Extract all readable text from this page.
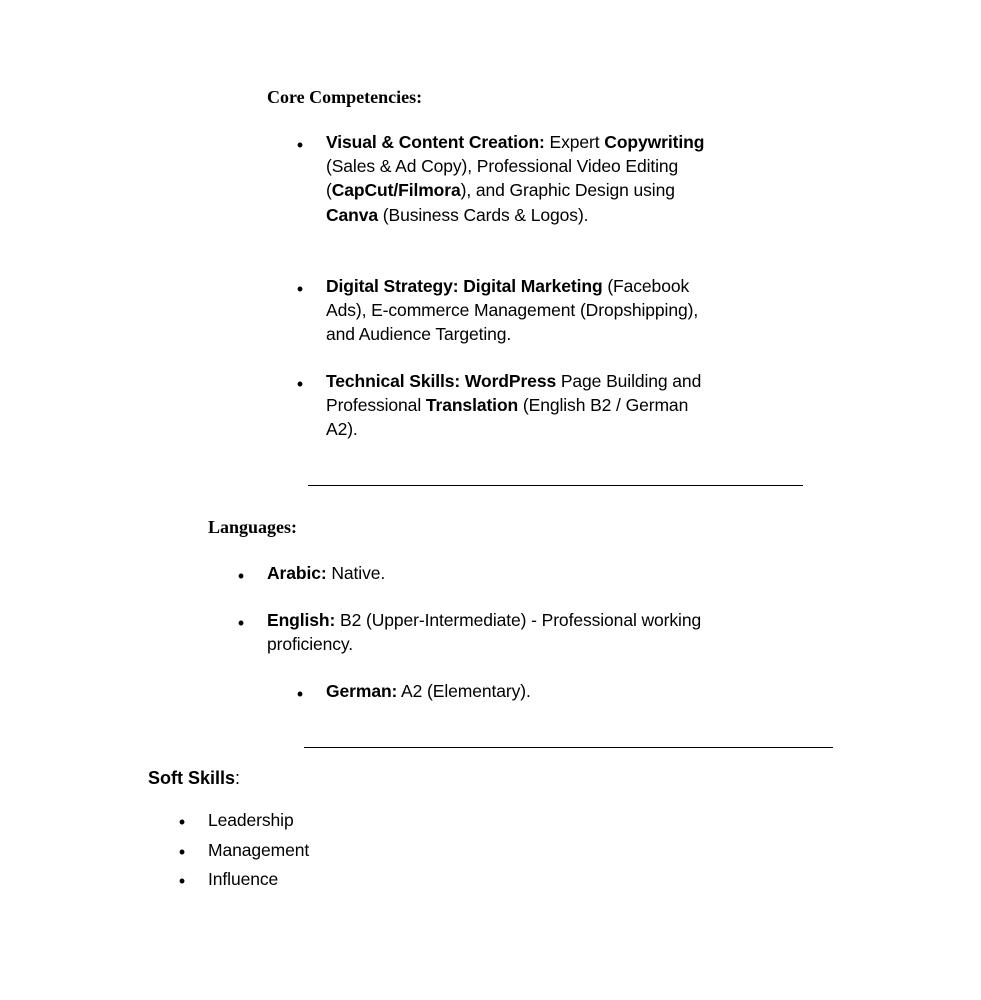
Core Competencies:
• Visual & Content Creation: Expert Copywriting (Sales & Ad Copy), Professional Video Editing (CapCut/Filmora), and Graphic Design using Canva (Business Cards & Logos).
• Digital Strategy: Digital Marketing (Facebook Ads), E-commerce Management (Dropshipping), and Audience Targeting.
• Technical Skills: WordPress Page Building and Professional Translation (English B2 / German A2).
Languages:
• Arabic: Native.
• English: B2 (Upper-Intermediate) - Professional working proficiency.
• German: A2 (Elementary).
Soft Skills:
• Leadership
• Management
• Influence
